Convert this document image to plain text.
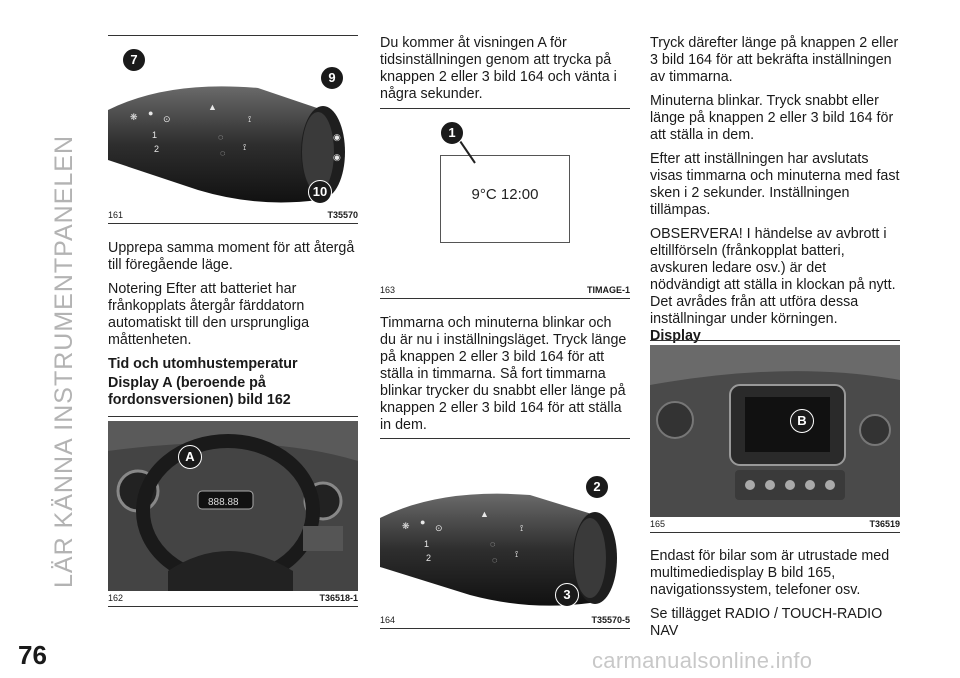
LÄR KÄNNA INSTRUMENTPANELEN
❋ ●
⊙
1
2
▲
⟟
⟟
◌
◌
◉
◉
7
9
10
161	T35570

Upprepa samma moment för att återgå till föregående läge.

Notering Efter att batteriet har frånkopplats återgår färddatorn automatiskt till den ursprungliga måttenheten.

Tid och utomhustemperatur

Display A (beroende på fordonsversionen) bild 162

888.88
A
162	T36518-1

Du kommer åt visningen A för tidsinställningen genom att trycka på knappen 2 eller 3 bild 164 och vänta i några sekunder.

9°C 12:00
1
163	TIMAGE-1

Timmarna och minuterna blinkar och du är nu i inställningsläget. Tryck länge på knappen 2 eller 3 bild 164 för att ställa in timmarna. Så fort timmarna blinkar trycker du snabbt eller länge på knappen 2 eller 3 bild 164 för att ställa in dem.

❋ ●
⊙
1
2
▲
⟟
⟟
◌
◌
2
3
164	T35570-5

Tryck därefter länge på knappen 2 eller 3 bild 164 för att bekräfta inställningen av timmarna.

Minuterna blinkar. Tryck snabbt eller länge på knappen 2 eller 3 bild 164 för att ställa in dem.

Efter att inställningen har avslutats visas timmarna och minuterna med fast sken i 2 sekunder. Inställningen tillämpas.

OBSERVERA! I händelse av avbrott i eltillförseln (frånkopplat batteri, avskuren ledare osv.) är det nödvändigt att ställa in klockan på nytt. Det avrådes från att utföra dessa inställningar under körningen.

Display

B
165	T36519

Endast för bilar som är utrustade med multimediedisplay B bild 165, navigationssystem, telefoner osv.

Se tillägget RADIO / TOUCH-RADIO NAV

76	carmanualsonline.info
